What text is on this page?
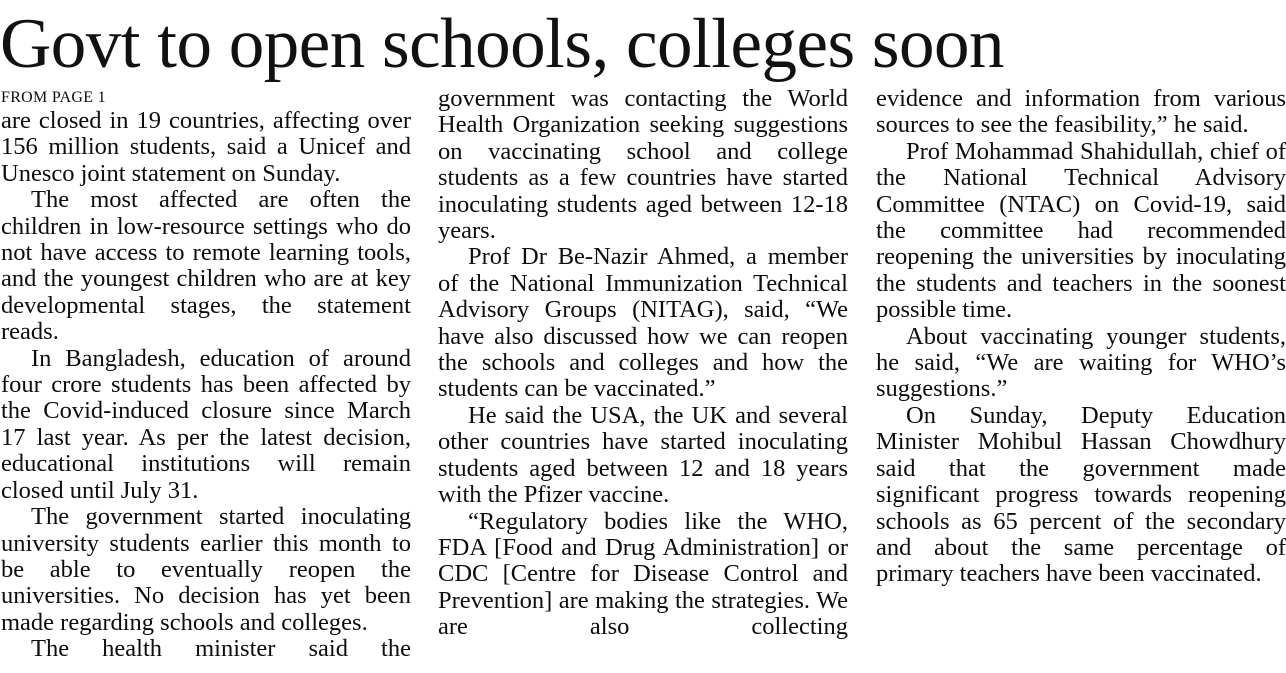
Govt to open schools, colleges soon
FROM PAGE 1

are closed in 19 countries, affecting over 156 million students, said a Unicef and Unesco joint statement on Sunday.

The most affected are often the children in low-resource settings who do not have access to remote learning tools, and the youngest children who are at key developmental stages, the statement reads.

In Bangladesh, education of around four crore students has been affected by the Covid-induced closure since March 17 last year. As per the latest decision, educational institutions will remain closed until July 31.

The government started inoculating university students earlier this month to be able to eventually reopen the universities. No decision has yet been made regarding schools and colleges.

The health minister said the

government was contacting the World Health Organization seeking suggestions on vaccinating school and college students as a few countries have started inoculating students aged between 12-18 years.

Prof Dr Be-Nazir Ahmed, a member of the National Immunization Technical Advisory Groups (NITAG), said, “We have also discussed how we can reopen the schools and colleges and how the students can be vaccinated.”

He said the USA, the UK and several other countries have started inoculating students aged between 12 and 18 years with the Pfizer vaccine.

“Regulatory bodies like the WHO, FDA [Food and Drug Administration] or CDC [Centre for Disease Control and Prevention] are making the strategies. We are also collecting

evidence and information from various sources to see the feasibility,” he said.

Prof Mohammad Shahidullah, chief of the National Technical Advisory Committee (NTAC) on Covid-19, said the committee had recommended reopening the universities by inoculating the students and teachers in the soonest possible time.

About vaccinating younger students, he said, “We are waiting for WHO’s suggestions.”

On Sunday, Deputy Education Minister Mohibul Hassan Chowdhury said that the government made significant progress towards reopening schools as 65 percent of the secondary and about the same percentage of primary teachers have been vaccinated.
